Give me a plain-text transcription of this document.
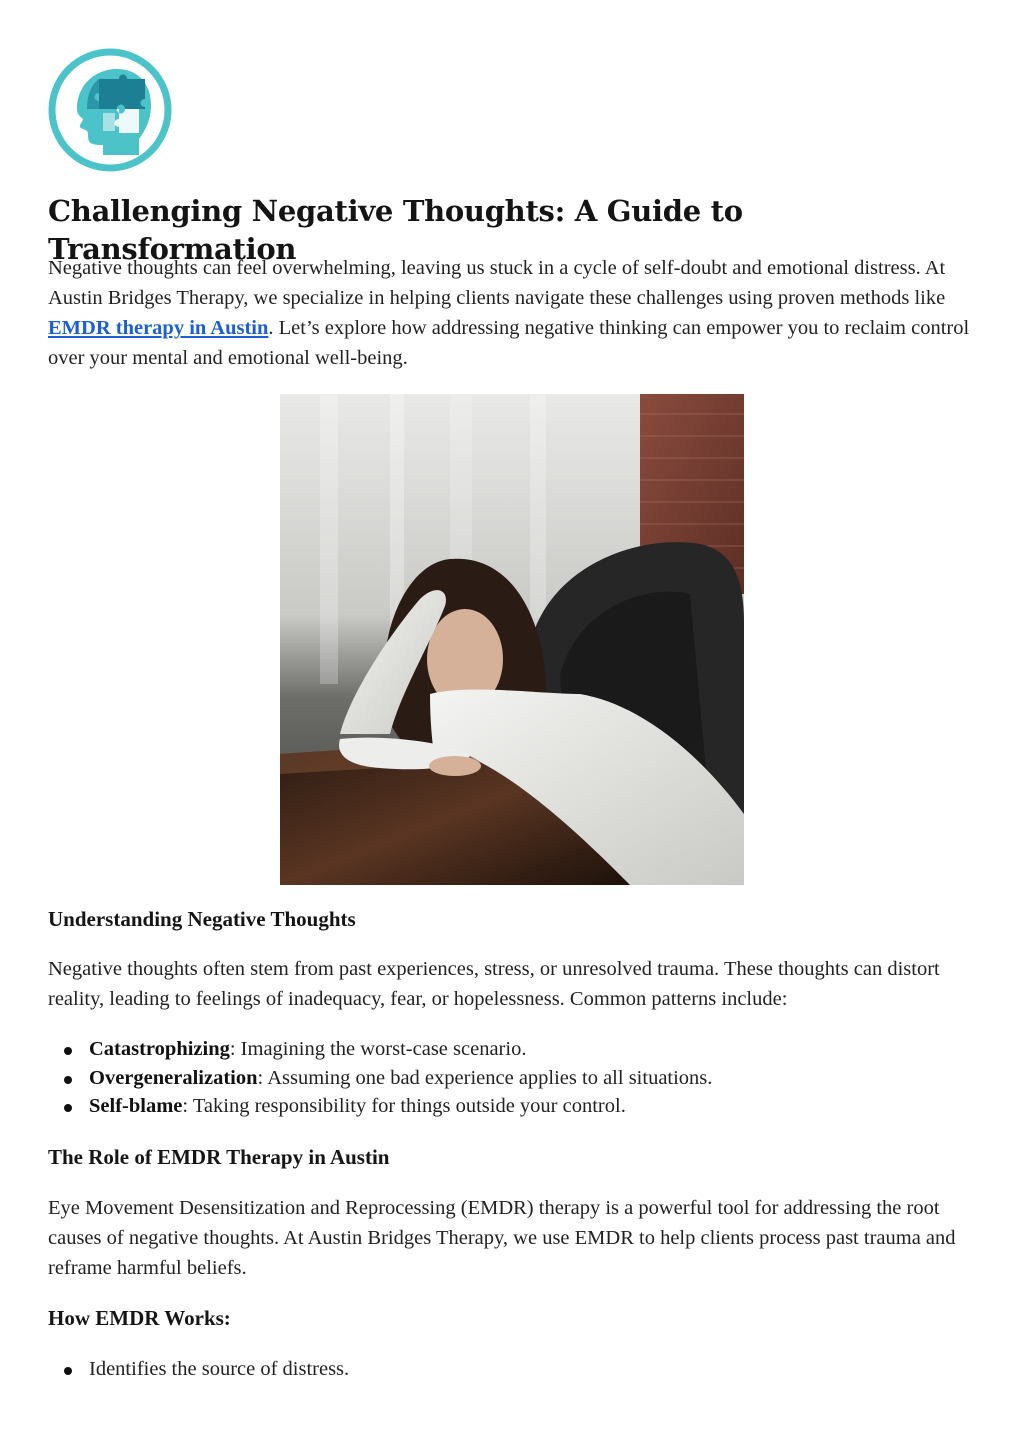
Challenging Negative Thoughts: A Guide to Transformation

Negative thoughts can feel overwhelming, leaving us stuck in a cycle of self-doubt and emotional distress. At Austin Bridges Therapy, we specialize in helping clients navigate these challenges using proven methods like EMDR therapy in Austin. Let’s explore how addressing negative thinking can empower you to reclaim control over your mental and emotional well-being.

Understanding Negative Thoughts

Negative thoughts often stem from past experiences, stress, or unresolved trauma. These thoughts can distort reality, leading to feelings of inadequacy, fear, or hopelessness. Common patterns include:

Catastrophizing: Imagining the worst-case scenario.
Overgeneralization: Assuming one bad experience applies to all situations.
Self-blame: Taking responsibility for things outside your control.
The Role of EMDR Therapy in Austin

Eye Movement Desensitization and Reprocessing (EMDR) therapy is a powerful tool for addressing the root causes of negative thoughts. At Austin Bridges Therapy, we use EMDR to help clients process past trauma and reframe harmful beliefs.

How EMDR Works:
Identifies the source of distress.
